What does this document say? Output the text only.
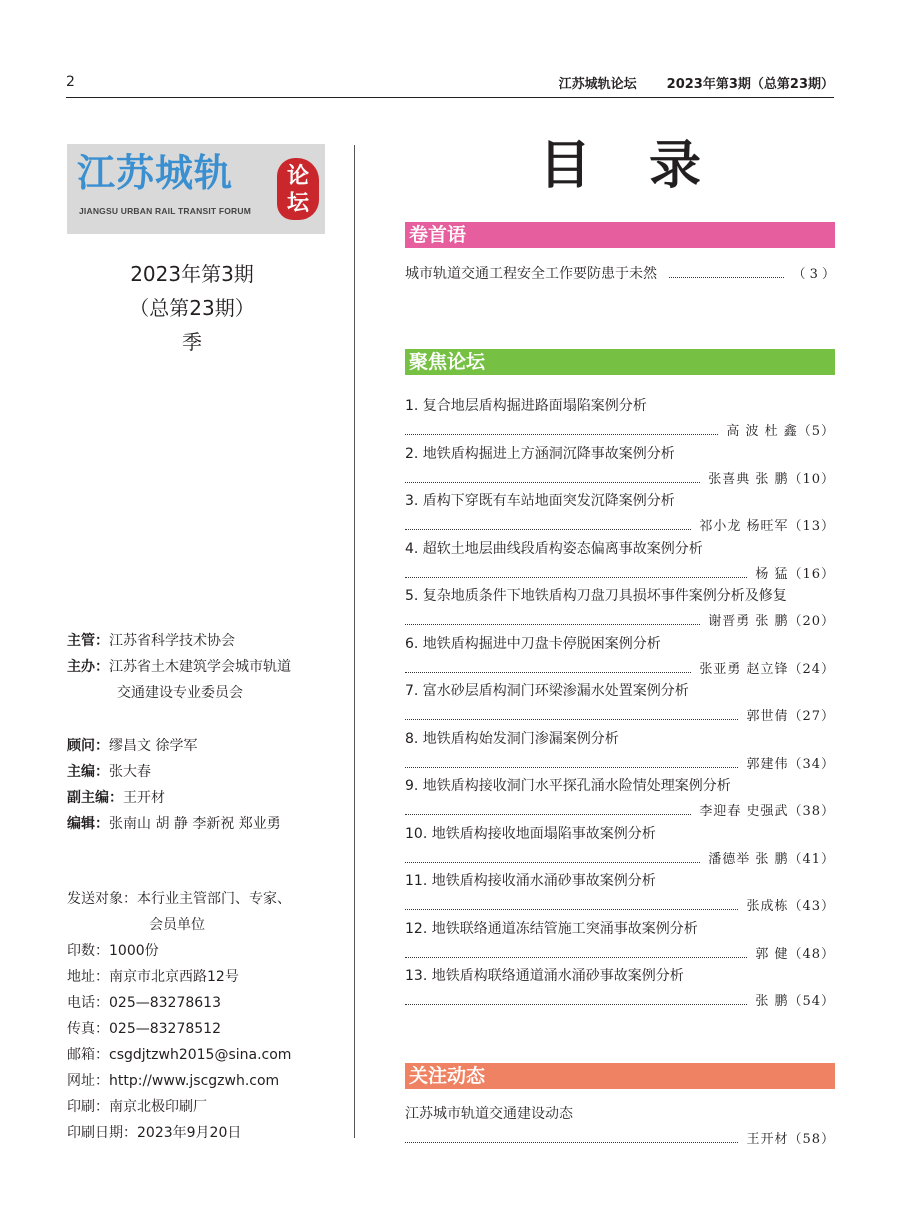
2	江苏城轨论坛 2023年第3期（总第23期）
江苏城轨
JIANGSU URBAN RAIL TRANSIT FORUM
论
坛
2023年第3期
（总第23期）
季
主管：江苏省科学技术协会
主办：江苏省土木建筑学会城市轨道
交通建设专业委员会
顾问：缪昌文 徐学军
主编：张大春
副主编：王开材
编辑：张南山 胡 静 李新祝 郑业勇
发送对象：本行业主管部门、专家、
会员单位
印数：1000份
地址：南京市北京西路12号
电话：025—83278613
传真：025—83278512
邮箱：csgdjtzwh2015@sina.com
网址：http://www.jscgzwh.com
印刷：南京北极印刷厂
印刷日期：2023年9月20日
目录
卷首语
城市轨道交通工程安全工作要防患于未然	（ 3 ）
聚焦论坛
1. 复合地层盾构掘进路面塌陷案例分析
高 波 杜 鑫 （5）
2. 地铁盾构掘进上方涵洞沉降事故案例分析
张喜典 张 鹏 （10）
3. 盾构下穿既有车站地面突发沉降案例分析
祁小龙 杨旺军 （13）
4. 超软土地层曲线段盾构姿态偏离事故案例分析
杨 猛 （16）
5. 复杂地质条件下地铁盾构刀盘刀具损坏事件案例分析及修复
谢晋勇 张 鹏 （20）
6. 地铁盾构掘进中刀盘卡停脱困案例分析
张亚勇 赵立锋 （24）
7. 富水砂层盾构洞门环梁渗漏水处置案例分析
郭世倩 （27）
8. 地铁盾构始发洞门渗漏案例分析
郭建伟 （34）
9. 地铁盾构接收洞门水平探孔涌水险情处理案例分析
李迎春 史强武 （38）
10. 地铁盾构接收地面塌陷事故案例分析
潘德举 张 鹏 （41）
11. 地铁盾构接收涌水涌砂事故案例分析
张成栋 （43）
12. 地铁联络通道冻结管施工突涌事故案例分析
郭 健 （48）
13. 地铁盾构联络通道涌水涌砂事故案例分析
张 鹏 （54）
关注动态
江苏城市轨道交通建设动态
王开材 （58）
